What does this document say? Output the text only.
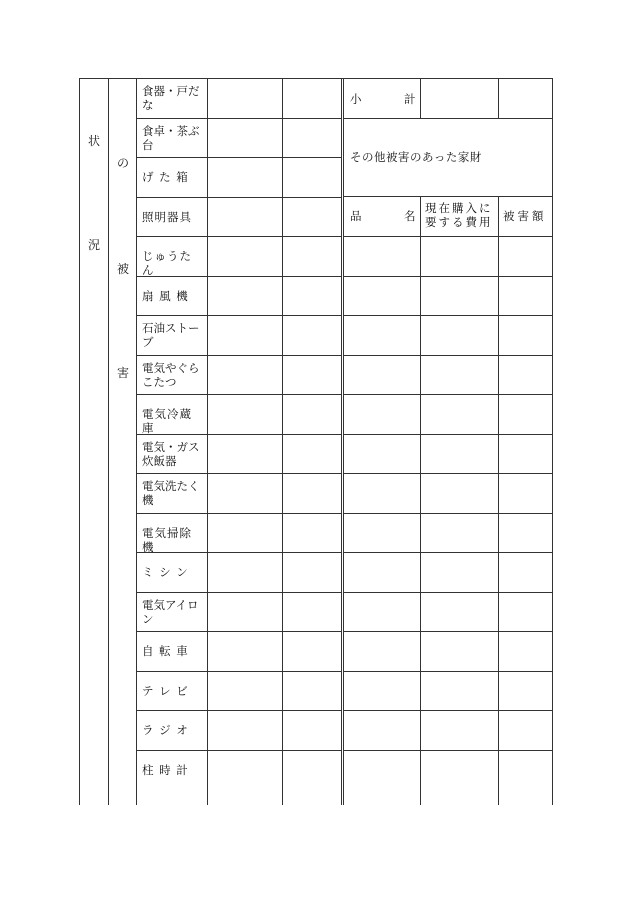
状
況
の
被
害
食器・戸だな
食卓・茶ぶ台
げ た 箱
照明器具
じゅうたん
扇 風 機
石油ストーブ
電気やぐらこたつ
電気冷蔵庫
電気・ガス炊飯器
電気洗たく機
電気掃除機
ミ シ ン
電気アイロン
自 転 車
テ レ ビ
ラ ジ オ
柱 時 計
小	計
その他被害のあった家財
品	名
現在購入に要する費用 被害額
